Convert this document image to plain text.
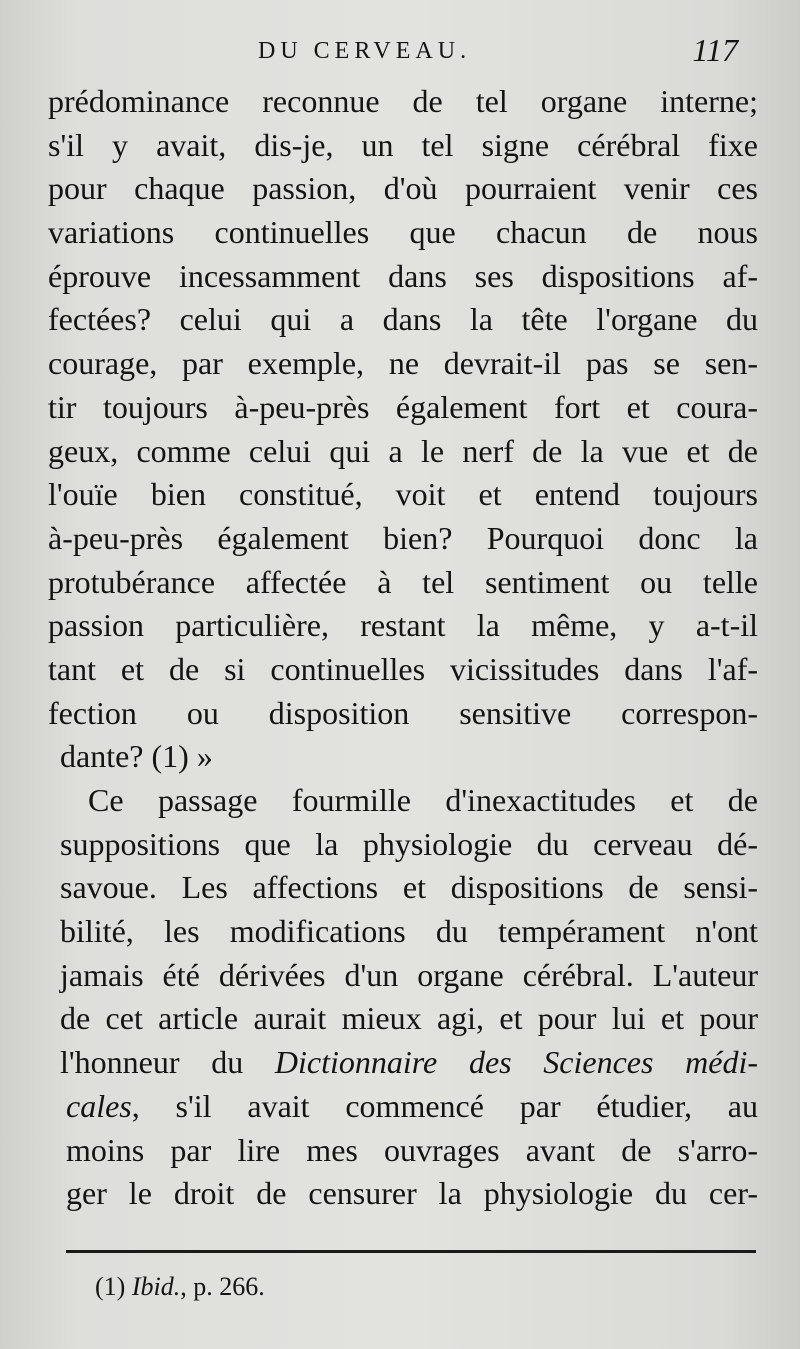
DU CERVEAU.	117
prédominance reconnue de tel organe interne;
s'il y avait, dis-je, un tel signe cérébral fixe
pour chaque passion, d'où pourraient venir ces
variations continuelles que chacun de nous
éprouve incessamment dans ses dispositions af-
fectées? celui qui a dans la tête l'organe du
courage, par exemple, ne devrait-il pas se sen-
tir toujours à-peu-près également fort et coura-
geux, comme celui qui a le nerf de la vue et de
l'ouïe bien constitué, voit et entend toujours
à-peu-près également bien? Pourquoi donc la
protubérance affectée à tel sentiment ou telle
passion particulière, restant la même, y a-t-il
tant et de si continuelles vicissitudes dans l'af-
fection ou disposition sensitive correspon-
dante? (1) »
Ce passage fourmille d'inexactitudes et de
suppositions que la physiologie du cerveau dé-
savoue. Les affections et dispositions de sensi-
bilité, les modifications du tempérament n'ont
jamais été dérivées d'un organe cérébral. L'auteur
de cet article aurait mieux agi, et pour lui et pour
l'honneur du Dictionnaire des Sciences médi-
cales, s'il avait commencé par étudier, au
moins par lire mes ouvrages avant de s'arro-
ger le droit de censurer la physiologie du cer-
(1) Ibid., p. 266.
